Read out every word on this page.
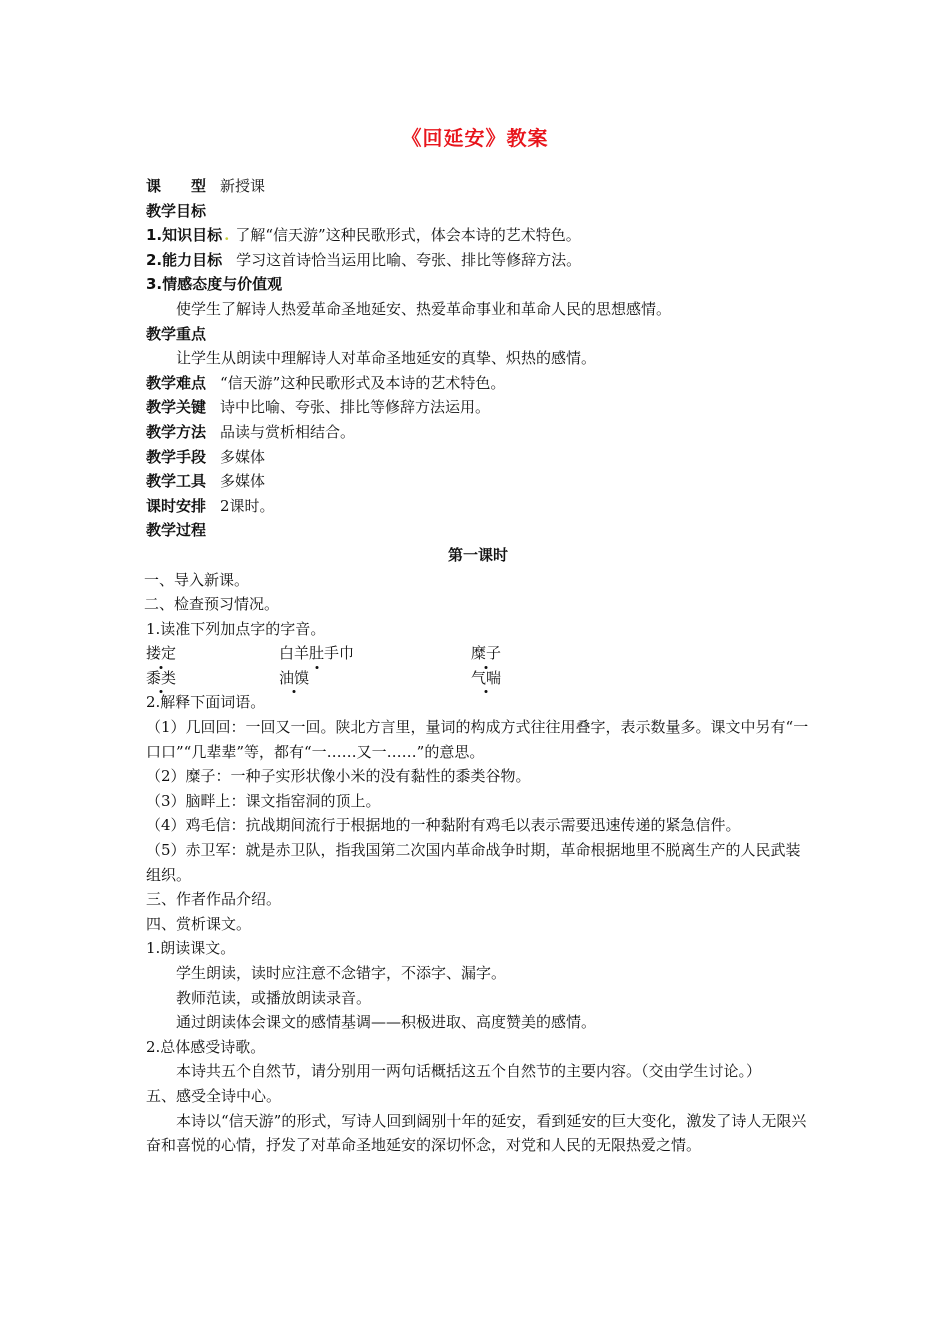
《回延安》教案
课　　型 新授课
教学目标
1.知识目标 . 了解“信天游”这种民歌形式，体会本诗的艺术特色。
2.能力目标 学习这首诗恰当运用比喻、夸张、排比等修辞方法。
3.情感态度与价值观
使学生了解诗人热爱革命圣地延安、热爱革命事业和革命人民的思想感情。
教学重点
让学生从朗读中理解诗人对革命圣地延安的真挚、炽热的感情。
教学难点 “信天游”这种民歌形式及本诗的艺术特色。
教学关键 诗中比喻、夸张、排比等修辞方法运用。
教学方法 品读与赏析相结合。
教学手段 多媒体
教学工具 多媒体
课时安排 2课时。
教学过程
第一课时
一、导入新课。
二、检查预习情况。
1.读准下列加点字的字音。
搂定	白羊肚手巾	糜子
黍类	油馍	气喘
2.解释下面词语。
（1）几回回：一回又一回。陕北方言里，量词的构成方式往往用叠字，表示数量多。课文中另有“一口口”“几辈辈”等，都有“一……又一……”的意思。
（2）糜子：一种子实形状像小米的没有黏性的黍类谷物。
（3）脑畔上：课文指窑洞的顶上。
（4）鸡毛信：抗战期间流行于根据地的一种黏附有鸡毛以表示需要迅速传递的紧急信件。
（5）赤卫军：就是赤卫队，指我国第二次国内革命战争时期，革命根据地里不脱离生产的人民武装组织。
三、作者作品介绍。
四、赏析课文。
1.朗读课文。
学生朗读，读时应注意不念错字，不添字、漏字。
教师范读，或播放朗读录音。
通过朗读体会课文的感情基调——积极进取、高度赞美的感情。
2.总体感受诗歌。
本诗共五个自然节，请分别用一两句话概括这五个自然节的主要内容。（交由学生讨论。）
五、感受全诗中心。
本诗以“信天游”的形式，写诗人回到阔别十年的延安，看到延安的巨大变化，激发了诗人无限兴奋和喜悦的心情，抒发了对革命圣地延安的深切怀念，对党和人民的无限热爱之情。
